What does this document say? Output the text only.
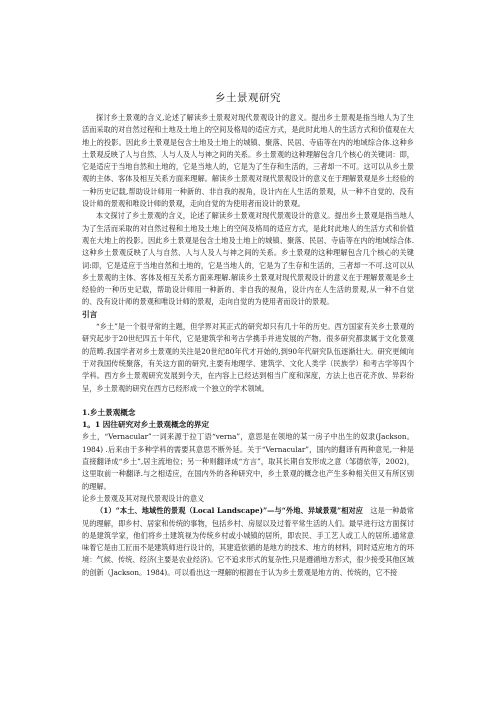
乡土景观研究

探讨乡土景观的含义,论述了解读乡土景观对现代景观设计的意义。提出乡土景观是指当地人为了生活而采取的对自然过程和土地及土地上的空间及格局的适应方式，是此时此地人的生活方式和价值观在大地上的投影。因此乡土景观是包含土地及土地上的城镇、聚落、民居、寺庙等在内的地域综合体.这种乡土景观反映了人与自然、人与人及人与神之间的关系。乡土景观的这种理解包含几个核心的关键词：即，它是适应于当地自然和土地的，它是当地人的，它是为了生存和生活的，三者却一不可。这可以从乡土景观的主体、客体及相互关系方面来理解。解读乡土景观对现代景观设计的意义在于理解景观是乡土经验的一种历史记载,帮助设计师用一种新的、非自我的视角，设计内在人生活的景观，从一种不自觉的、没有设计师的景观和唯设计师的景观，走向自觉的为使用者而设计的景观。

本文探讨了乡土景观的含义，论述了解读乡土景观对现代景观设计的意义。提出乡土景观是指当地人为了生活而采取的对自然过程和土地及土地上的空间及格局的适应方式，是此时此地人的生活方式和价值观在大地上的投影。因此乡土景观是包含土地及土地上的城镇、聚落、民居、寺庙等在内的地域综合体.这种乡土景观反映了人与自然、人与人及人与神之间的关系。乡土景观的这种理解包含几个核心的关键词:即，它是适应于当地自然和土地的，它是当地人的，它是为了生存和生活的，三者却一不可.这可以从乡土景观的主体、客体及相互关系方面来理解.解读乡土景观对现代景观设计的意义在于理解景观是乡土经验的一种历史记载，帮助设计师用一种新的、非自我的视角，设计内在人生活的景观,从一种不自觉的、没有设计师的景观和唯设计师的景观，走向自觉的为使用者而设计的景观。

引言

“乡土”是一个很寻常的主题，但学界对其正式的研究却只有几十年的历史。西方国家有关乡土景观的研究起步于20世纪四五十年代，它是建筑学和考古学携手并进发展的产物。很多研究都隶属于文化景观的范畴.我国学者对乡土景观的关注是20世纪80年代才开始的,到90年代研究队伍逐渐壮大。研究更倾向于对我国传统聚落，有关这方面的研究,主要有地理学、建筑学、文化人类学（民族学）和考古学等四个学科。西方乡土景观研究发展到今天，在内容上已经达到相当广度和深度，方法上也百花齐放、异彩纷呈，乡土景观的研究在西方已经形成一个独立的学术领域。

1.乡土景观概念

1。1 因往研究对乡土景观概念的界定

乡土，“Vernacular”一词来源于拉丁语“verna”，意思是在领地的某一房子中出生的奴隶(Jackson。1984) .后来由于多种学科的需要其意思不断外延。关于“Vernacular”，国内的翻译有两种意见,一种是直接翻译成“乡土”,居主流地位；另一种则翻译成“方言”，取其长期自发形成之意（邹德依等，2002)，这里取前一种翻译.与之相适应，在国内外的各种研究中，乡土景观的概念也产生多种相关但又有所区别的理解。

论乡土景观及其对现代景观设计的意义

（1）“本土、地域性的景观（Local Landscape)”—与“外地、异域景观”相对应　 这是一种最常见的理解，即乡村、居家和传统的事物，包括乡村、房屋以及过着平常生活的人们。最早进行这方面探讨的是建筑学家，他们将乡土建筑视为传统乡村或小城镇的居所，即农民、手工艺人或工人的居所.通常意味着它是由工匠而不是建筑师进行设计的，其建造依循的是地方的技术、地方的材料，同时适应地方的环境：气候、传统、经济(主要是农业经济)。它不追求形式的复杂性,只是遵循地方形式，很少接受其他区域的创新（Jackson。1984)。可以看出这一理解的根源在于认为乡土景观是地方的、传统的，它不接
